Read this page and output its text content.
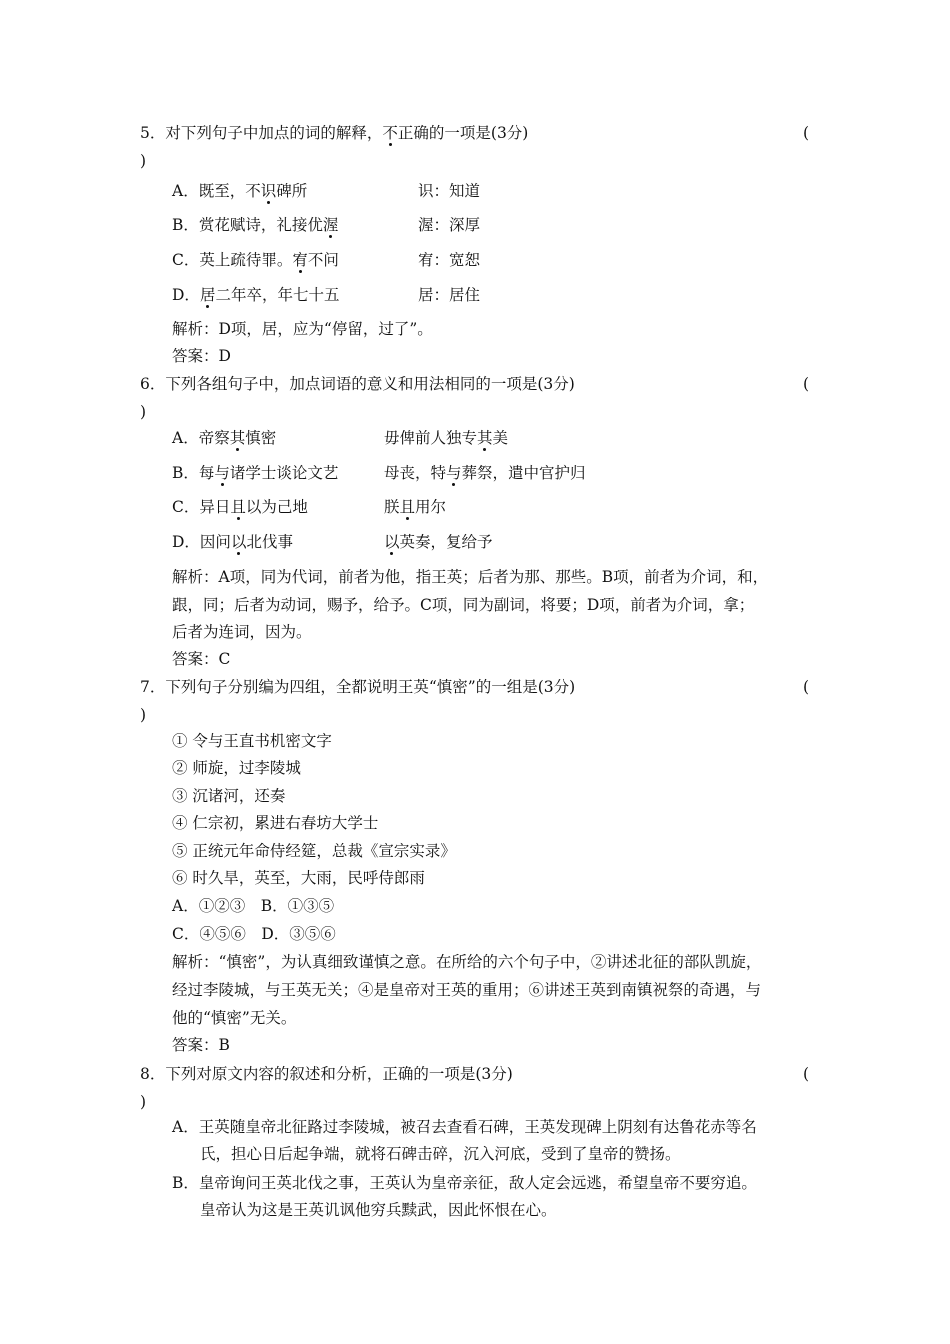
5．对下列句子中加点的词的解释，不正确的一项是(3分)	(
)
A．既至，不识碑所	识：知道
B．赏花赋诗，礼接优渥	渥：深厚
C．英上疏待罪。宥不问	宥：宽恕
D．居二年卒，年七十五	居：居住
解析：D项，居，应为“停留，过了”。
答案：D
6．下列各组句子中，加点词语的意义和用法相同的一项是(3分)	(
)
A．帝察其慎密	毋俾前人独专其美
B．每与诸学士谈论文艺	母丧，特与葬祭，遣中官护归
C．异日且以为己地	朕且用尔
D．因问以北伐事	以英奏，复给予
解析：A项，同为代词，前者为他，指王英；后者为那、那些。B项，前者为介词，和，
跟，同；后者为动词，赐予，给予。C项，同为副词，将要；D项，前者为介词，拿；
后者为连词，因为。
答案：C
7．下列句子分别编为四组，全都说明王英“慎密”的一组是(3分)	(
)
① 令与王直书机密文字
② 师旋，过李陵城
③ 沉诸河，还奏
④ 仁宗初，累进右春坊大学士
⑤ 正统元年命侍经筵，总裁《宣宗实录》
⑥ 时久旱，英至，大雨，民呼侍郎雨
A．①②③　B．①③⑤
C．④⑤⑥　D．③⑤⑥
解析：“慎密”，为认真细致谨慎之意。在所给的六个句子中，②讲述北征的部队凯旋，
经过李陵城，与王英无关；④是皇帝对王英的重用；⑥讲述王英到南镇祝祭的奇遇，与
他的“慎密”无关。
答案：B
8．下列对原文内容的叙述和分析，正确的一项是(3分)	(
)
A．王英随皇帝北征路过李陵城，被召去查看石碑，王英发现碑上阴刻有达鲁花赤等名
氏，担心日后起争端，就将石碑击碎，沉入河底，受到了皇帝的赞扬。
B．皇帝询问王英北伐之事，王英认为皇帝亲征，敌人定会远逃，希望皇帝不要穷追。
皇帝认为这是王英讥讽他穷兵黩武，因此怀恨在心。
